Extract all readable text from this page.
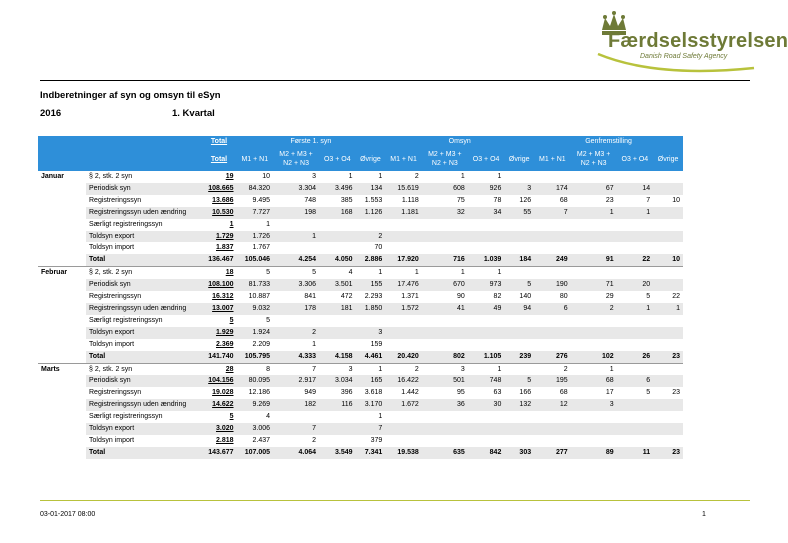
Færdselsstyrelsen
Danish Road Safety Agency
Indberetninger af syn og omsyn til eSyn
2016	1. Kvartal
		Total	Første 1. syn				Omsyn				Genfremstilling			
		Total	M1 + N1	M2 + M3 + N2 + N3	O3 + O4	Øvrige	M1 + N1	M2 + M3 + N2 + N3	O3 + O4	Øvrige	M1 + N1	M2 + M3 + N2 + N3	O3 + O4	Øvrige
Januar	§ 2, stk. 2 syn	19	10	3	1	1	2	1	1					
	Periodisk syn	108.665	84.320	3.304	3.496	134	15.619	608	926	3	174	67	14	
	Registreringssyn	13.686	9.495	748	385	1.553	1.118	75	78	126	68	23	7	10
	Registreringssyn uden ændring	10.530	7.727	198	168	1.126	1.181	32	34	55	7	1	1	
	Særligt registreringssyn	1	1											
	Toldsyn export	1.729	1.726	1		2								
	Toldsyn import	1.837	1.767			70								
	Total	136.467	105.046	4.254	4.050	2.886	17.920	716	1.039	184	249	91	22	10
Februar	§ 2, stk. 2 syn	18	5	5	4	1	1	1	1					
	Periodisk syn	108.100	81.733	3.306	3.501	155	17.476	670	973	5	190	71	20	
	Registreringssyn	16.312	10.887	841	472	2.293	1.371	90	82	140	80	29	5	22
	Registreringssyn uden ændring	13.007	9.032	178	181	1.850	1.572	41	49	94	6	2	1	1
	Særligt registreringssyn	5	5											
	Toldsyn export	1.929	1.924	2		3								
	Toldsyn import	2.369	2.209	1		159								
	Total	141.740	105.795	4.333	4.158	4.461	20.420	802	1.105	239	276	102	26	23
Marts	§ 2, stk. 2 syn	28	8	7	3	1	2	3	1		2	1		
	Periodisk syn	104.156	80.095	2.917	3.034	165	16.422	501	748	5	195	68	6	
	Registreringssyn	19.028	12.186	949	396	3.618	1.442	95	63	166	68	17	5	23
	Registreringssyn uden ændring	14.622	9.269	182	116	3.170	1.672	36	30	132	12	3		
	Særligt registreringssyn	5	4			1								
	Toldsyn export	3.020	3.006	7		7								
	Toldsyn import	2.818	2.437	2		379								
	Total	143.677	107.005	4.064	3.549	7.341	19.538	635	842	303	277	89	11	23
03-01-2017 08:00	1
